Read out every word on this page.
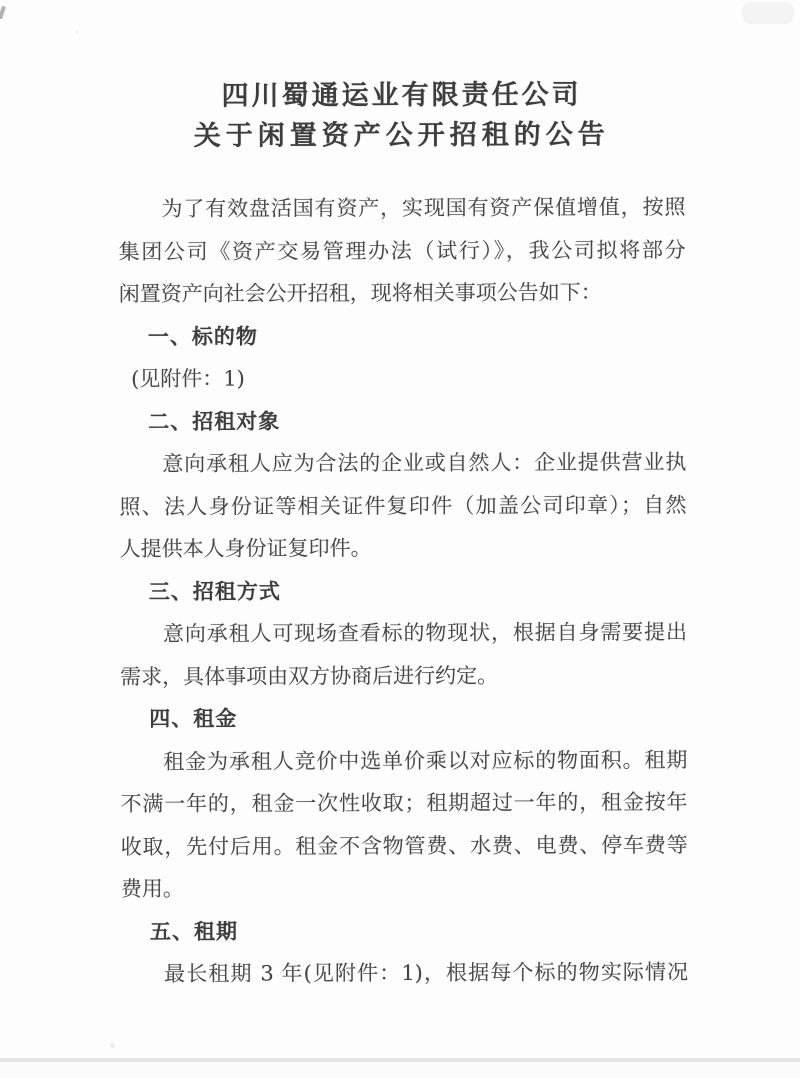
四川蜀通运业有限责任公司
关于闲置资产公开招租的公告
为了有效盘活国有资产，实现国有资产保值增值，按照
集团公司《资产交易管理办法（试行）》，我公司拟将部分
闲置资产向社会公开招租，现将相关事项公告如下：
一、标的物
(见附件：1)
二、招租对象
意向承租人应为合法的企业或自然人：企业提供营业执
照、法人身份证等相关证件复印件（加盖公司印章）；自然
人提供本人身份证复印件。
三、招租方式
意向承租人可现场查看标的物现状，根据自身需要提出
需求，具体事项由双方协商后进行约定。
四、租金
租金为承租人竞价中选单价乘以对应标的物面积。租期
不满一年的，租金一次性收取；租期超过一年的，租金按年
收取，先付后用。租金不含物管费、水费、电费、停车费等
费用。
五、租期
最长租期 3 年(见附件：1)，根据每个标的物实际情况
